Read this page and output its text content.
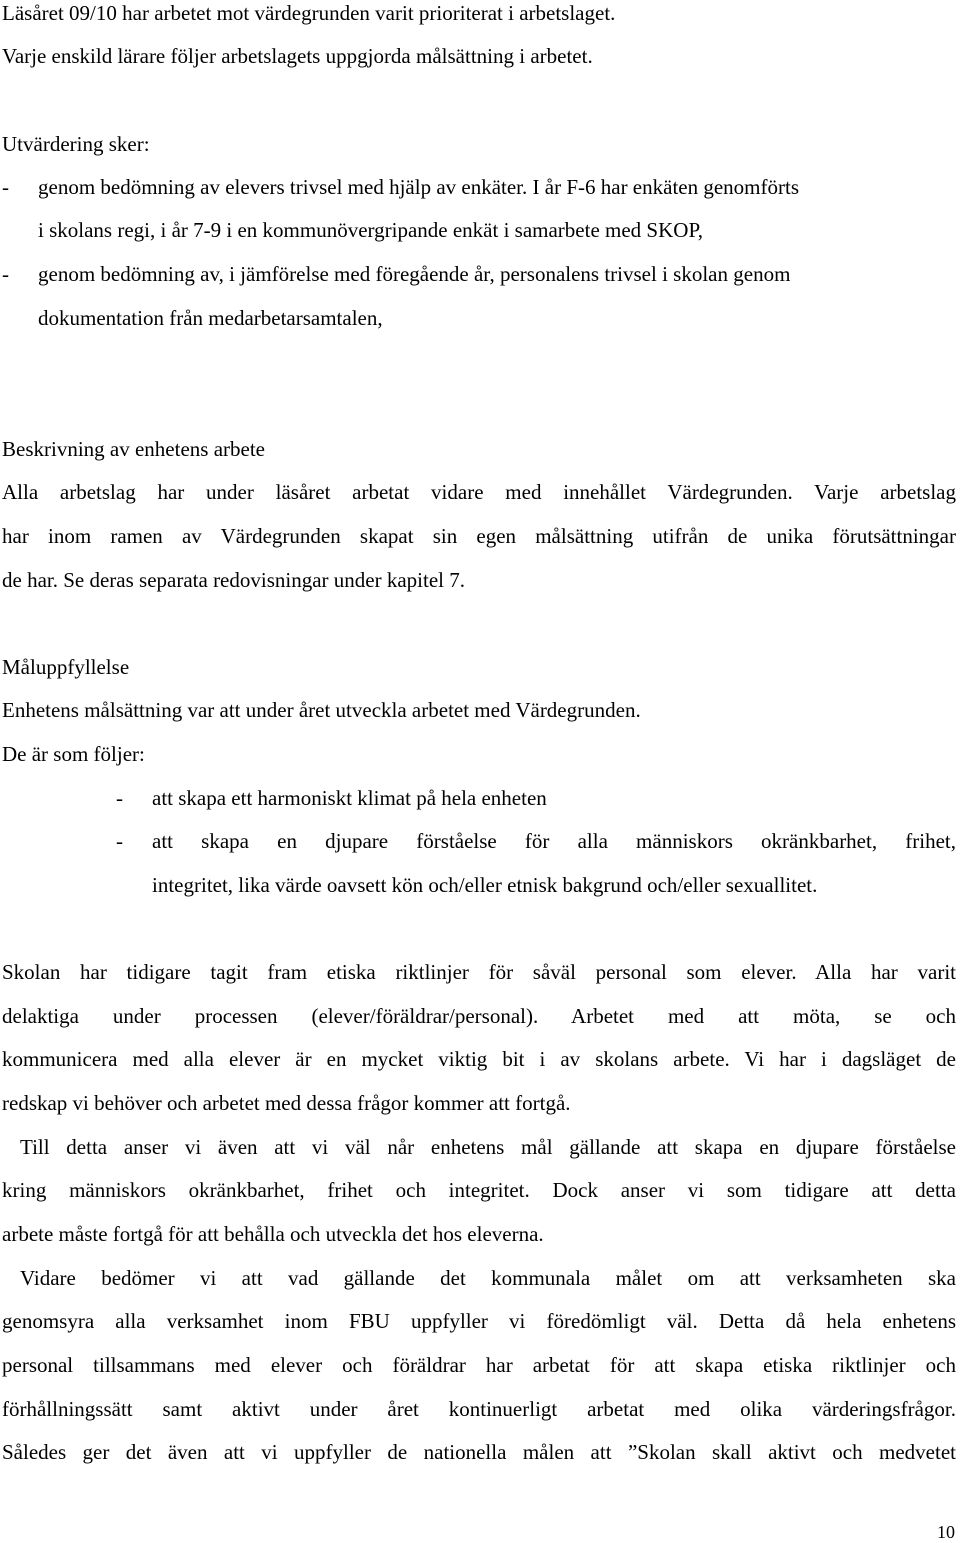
Läsåret 09/10 har arbetet mot värdegrunden varit prioriterat i arbetslaget.
Varje enskild lärare följer arbetslagets uppgjorda målsättning i arbetet.
Utvärdering sker:
- genom bedömning av elevers trivsel med hjälp av enkäter. I år F-6 har enkäten genomförts
i skolans regi, i år 7-9 i en kommunövergripande enkät i samarbete med SKOP,
- genom bedömning av, i jämförelse med föregående år, personalens trivsel i skolan genom
dokumentation från medarbetarsamtalen,
Beskrivning av enhetens arbete
Alla arbetslag har under läsåret arbetat vidare med innehållet Värdegrunden. Varje arbetslag
har inom ramen av Värdegrunden skapat sin egen målsättning utifrån de unika förutsättningar
de har. Se deras separata redovisningar under kapitel 7.
Måluppfyllelse
Enhetens målsättning var att under året utveckla arbetet med Värdegrunden.
De är som följer:
- att skapa ett harmoniskt klimat på hela enheten
- att skapa en djupare förståelse för alla människors okränkbarhet, frihet,
integritet, lika värde oavsett kön och/eller etnisk bakgrund och/eller sexuallitet.
Skolan har tidigare tagit fram etiska riktlinjer för såväl personal som elever. Alla har varit
delaktiga under processen (elever/föräldrar/personal). Arbetet med att möta, se och
kommunicera med alla elever är en mycket viktig bit i av skolans arbete. Vi har i dagsläget de
redskap vi behöver och arbetet med dessa frågor kommer att fortgå.
Till detta anser vi även att vi väl når enhetens mål gällande att skapa en djupare förståelse
kring människors okränkbarhet, frihet och integritet. Dock anser vi som tidigare att detta
arbete måste fortgå för att behålla och utveckla det hos eleverna.
Vidare bedömer vi att vad gällande det kommunala målet om att verksamheten ska
genomsyra alla verksamhet inom FBU uppfyller vi föredömligt väl. Detta då hela enhetens
personal tillsammans med elever och föräldrar har arbetat för att skapa etiska riktlinjer och
förhållningssätt samt aktivt under året kontinuerligt arbetat med olika värderingsfrågor.
Således ger det även att vi uppfyller de nationella målen att ”Skolan skall aktivt och medvetet
10
